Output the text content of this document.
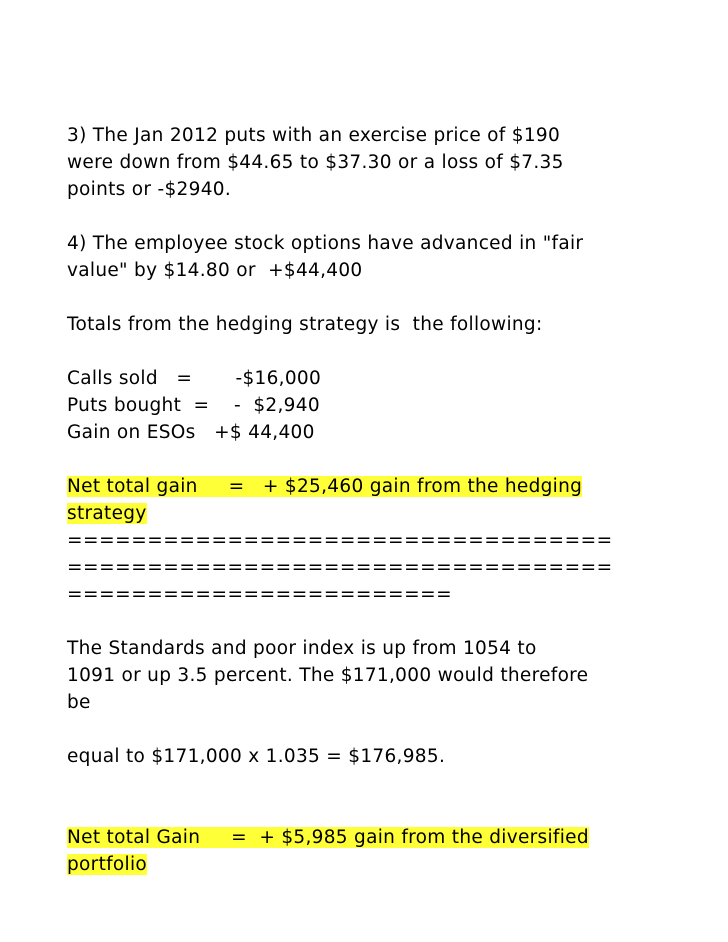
3) The Jan 2012 puts with an exercise price of $190
were down from $44.65 to $37.30 or a loss of $7.35
points or -$2940.
4) The employee stock options have advanced in "fair
value" by $14.80 or  +$44,400
Totals from the hedging strategy is  the following:
Calls sold   =       -$16,000
Puts bought  =    -  $2,940
Gain on ESOs   +$ 44,400
Net total gain     =   + $25,460 gain from the hedging
strategy
==================================
==================================
========================
The Standards and poor index is up from 1054 to
1091 or up 3.5 percent. The $171,000 would therefore
be
equal to $171,000 x 1.035 = $176,985.
Net total Gain     =  + $5,985 gain from the diversified
portfolio
